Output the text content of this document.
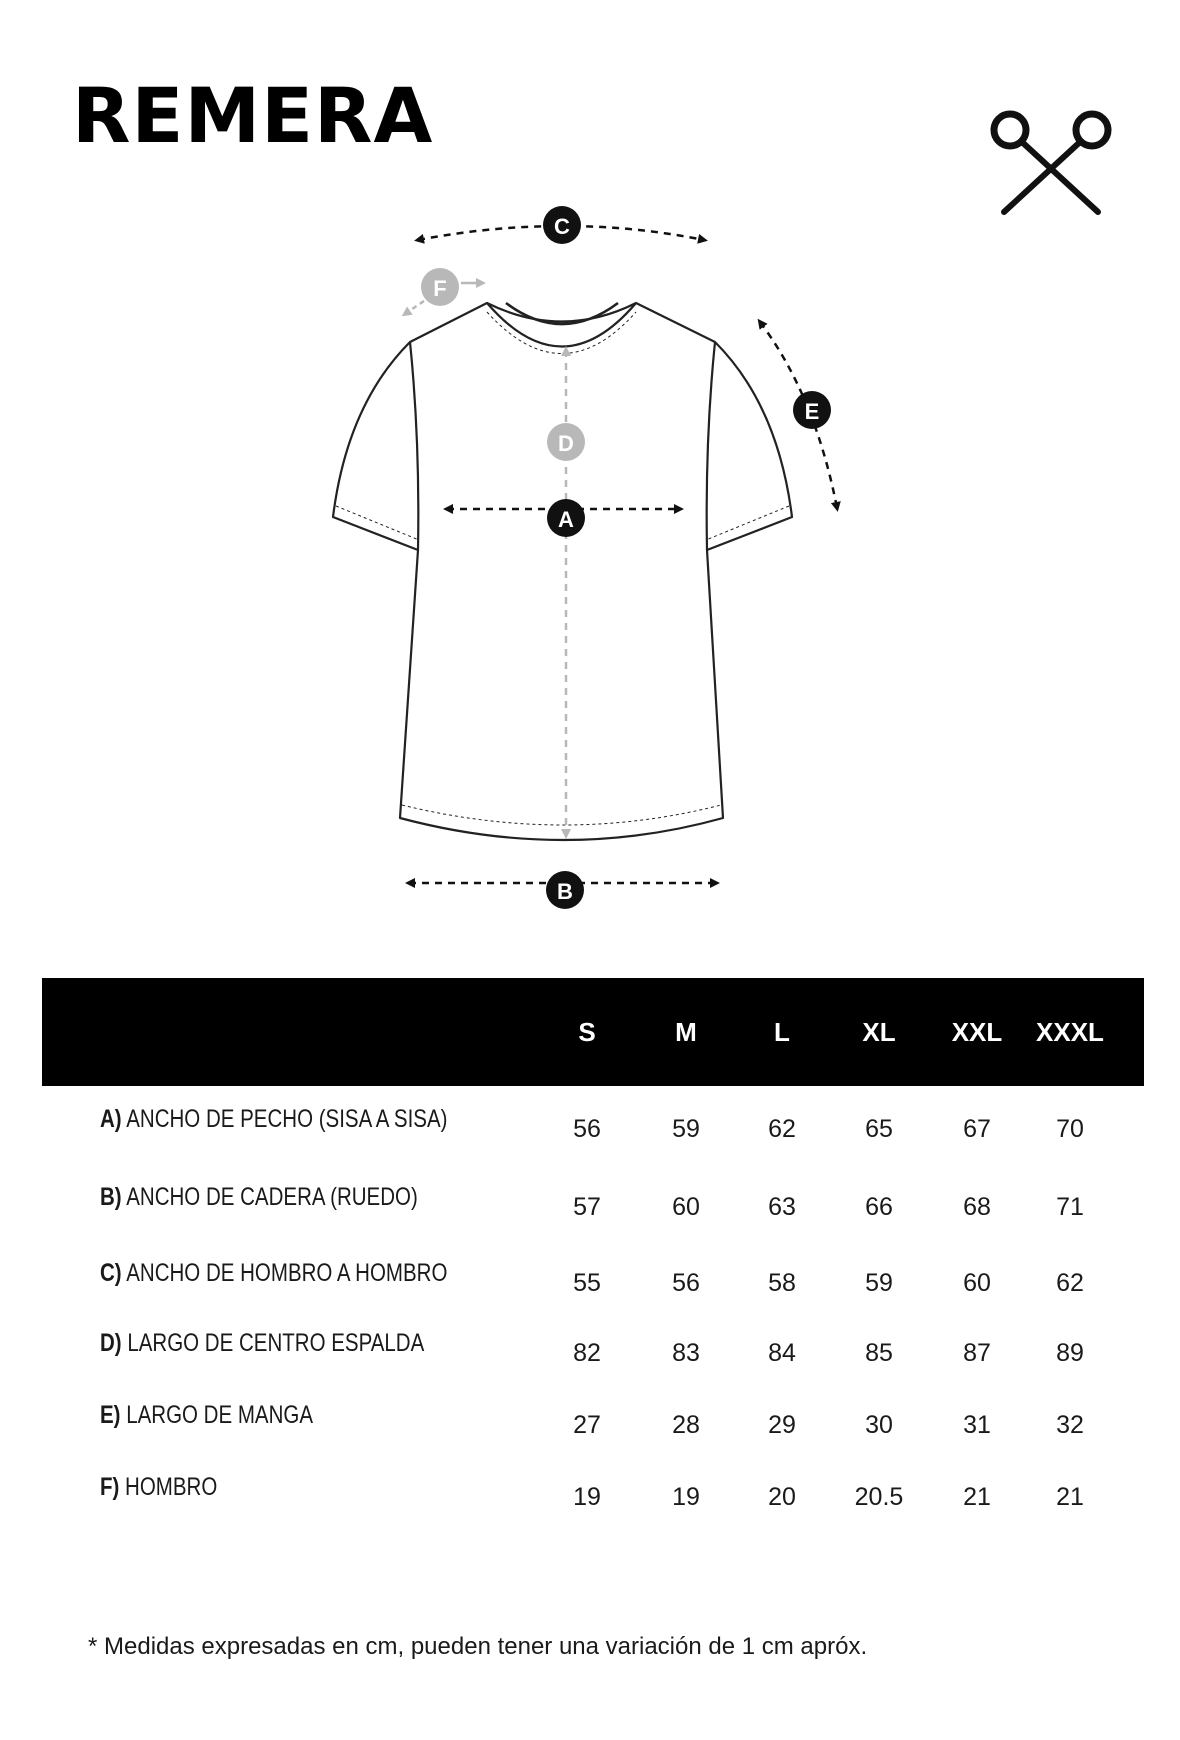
REMERA
A
B
C
D
E
F
S	M	L	XL	XXL	XXXL
A) ANCHO DE PECHO (SISA A SISA)	56	59	62	65	67	70
B) ANCHO DE CADERA (RUEDO)	57	60	63	66	68	71
C) ANCHO DE HOMBRO A HOMBRO	55	56	58	59	60	62
D) LARGO DE CENTRO ESPALDA	82	83	84	85	87	89
E) LARGO DE MANGA	27	28	29	30	31	32
F) HOMBRO	19	19	20	20.5	21	21
* Medidas expresadas en cm, pueden tener una variación de 1 cm apróx.
